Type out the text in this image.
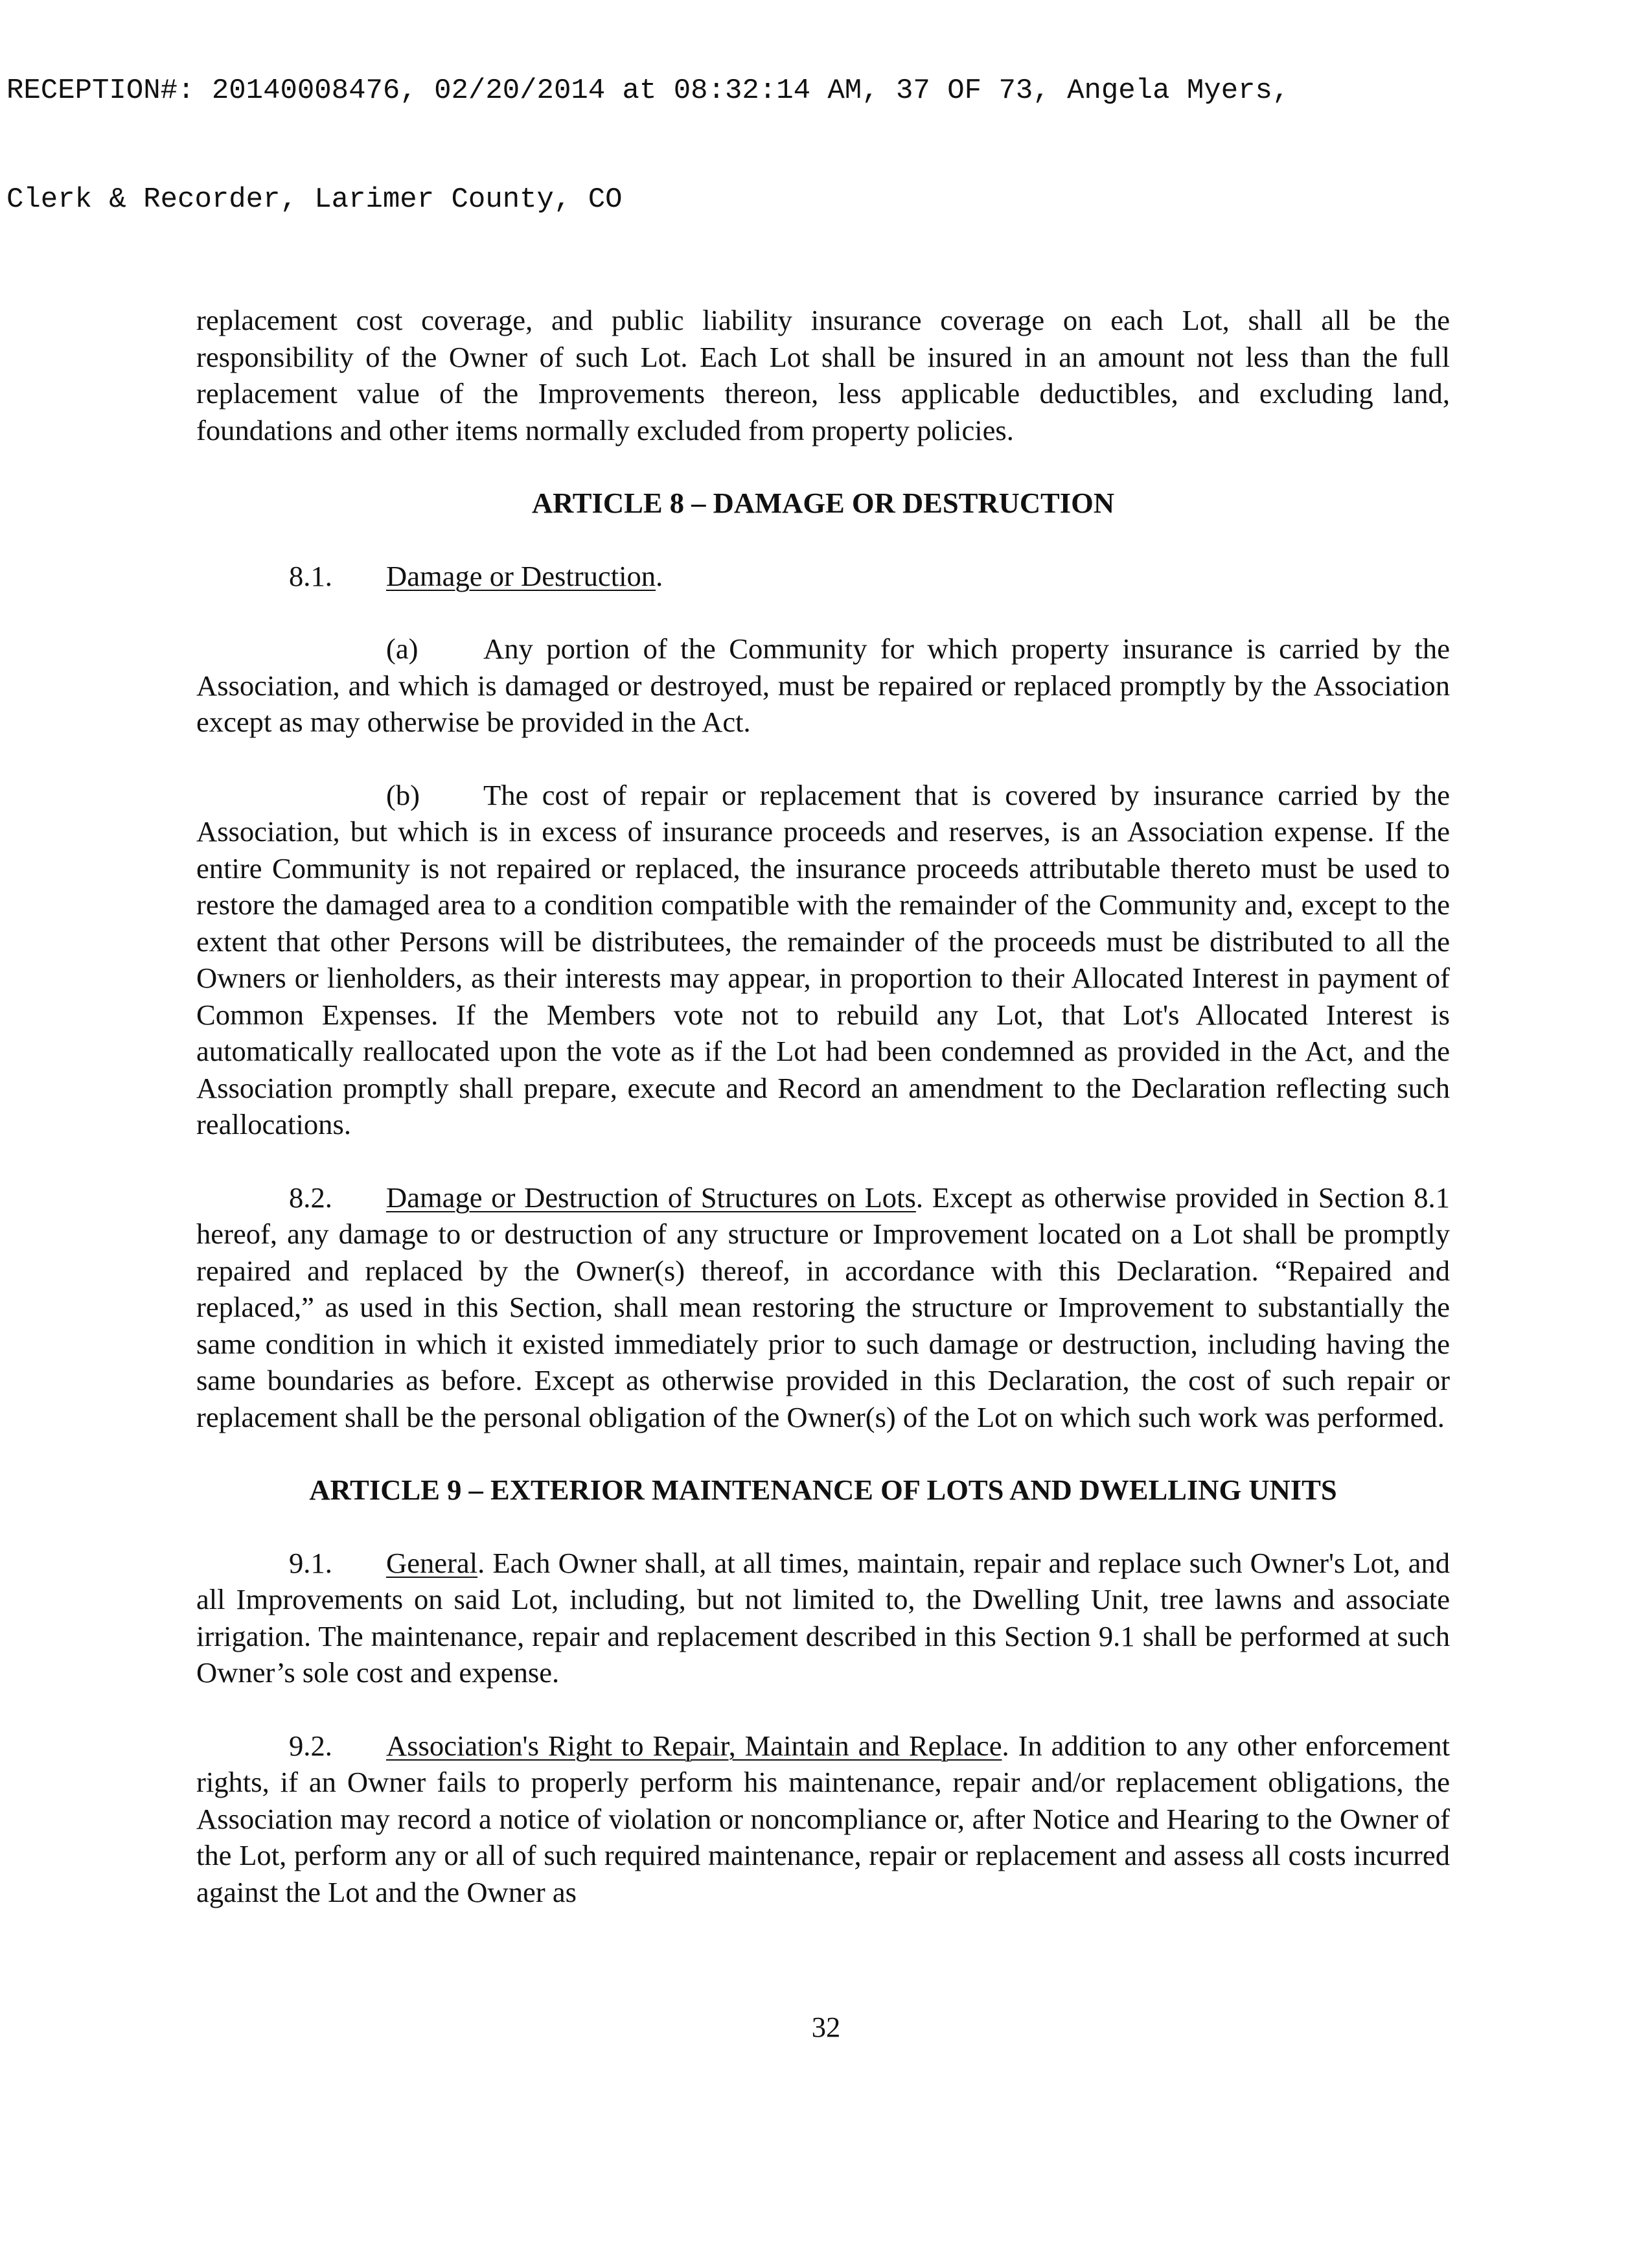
RECEPTION#: 20140008476, 02/20/2014 at 08:32:14 AM, 37 OF 73, Angela Myers,

Clerk & Recorder, Larimer County, CO

replacement cost coverage, and public liability insurance coverage on each Lot, shall all be the responsibility of the Owner of such Lot. Each Lot shall be insured in an amount not less than the full replacement value of the Improvements thereon, less applicable deductibles, and excluding land, foundations and other items normally excluded from property policies.

ARTICLE 8 – DAMAGE OR DESTRUCTION

8.1. Damage or Destruction.

(a) Any portion of the Community for which property insurance is carried by the Association, and which is damaged or destroyed, must be repaired or replaced promptly by the Association except as may otherwise be provided in the Act.

(b) The cost of repair or replacement that is covered by insurance carried by the Association, but which is in excess of insurance proceeds and reserves, is an Association expense. If the entire Community is not repaired or replaced, the insurance proceeds attributable thereto must be used to restore the damaged area to a condition compatible with the remainder of the Community and, except to the extent that other Persons will be distributees, the remainder of the proceeds must be distributed to all the Owners or lienholders, as their interests may appear, in proportion to their Allocated Interest in payment of Common Expenses. If the Members vote not to rebuild any Lot, that Lot's Allocated Interest is automatically reallocated upon the vote as if the Lot had been condemned as provided in the Act, and the Association promptly shall prepare, execute and Record an amendment to the Declaration reflecting such reallocations.

8.2. Damage or Destruction of Structures on Lots. Except as otherwise provided in Section 8.1 hereof, any damage to or destruction of any structure or Improvement located on a Lot shall be promptly repaired and replaced by the Owner(s) thereof, in accordance with this Declaration. “Repaired and replaced,” as used in this Section, shall mean restoring the structure or Improvement to substantially the same condition in which it existed immediately prior to such damage or destruction, including having the same boundaries as before. Except as otherwise provided in this Declaration, the cost of such repair or replacement shall be the personal obligation of the Owner(s) of the Lot on which such work was performed.

ARTICLE 9 – EXTERIOR MAINTENANCE OF LOTS AND DWELLING UNITS

9.1. General. Each Owner shall, at all times, maintain, repair and replace such Owner's Lot, and all Improvements on said Lot, including, but not limited to, the Dwelling Unit, tree lawns and associate irrigation. The maintenance, repair and replacement described in this Section 9.1 shall be performed at such Owner’s sole cost and expense.

9.2. Association's Right to Repair, Maintain and Replace. In addition to any other enforcement rights, if an Owner fails to properly perform his maintenance, repair and/or replacement obligations, the Association may record a notice of violation or noncompliance or, after Notice and Hearing to the Owner of the Lot, perform any or all of such required maintenance, repair or replacement and assess all costs incurred against the Lot and the Owner as

32
